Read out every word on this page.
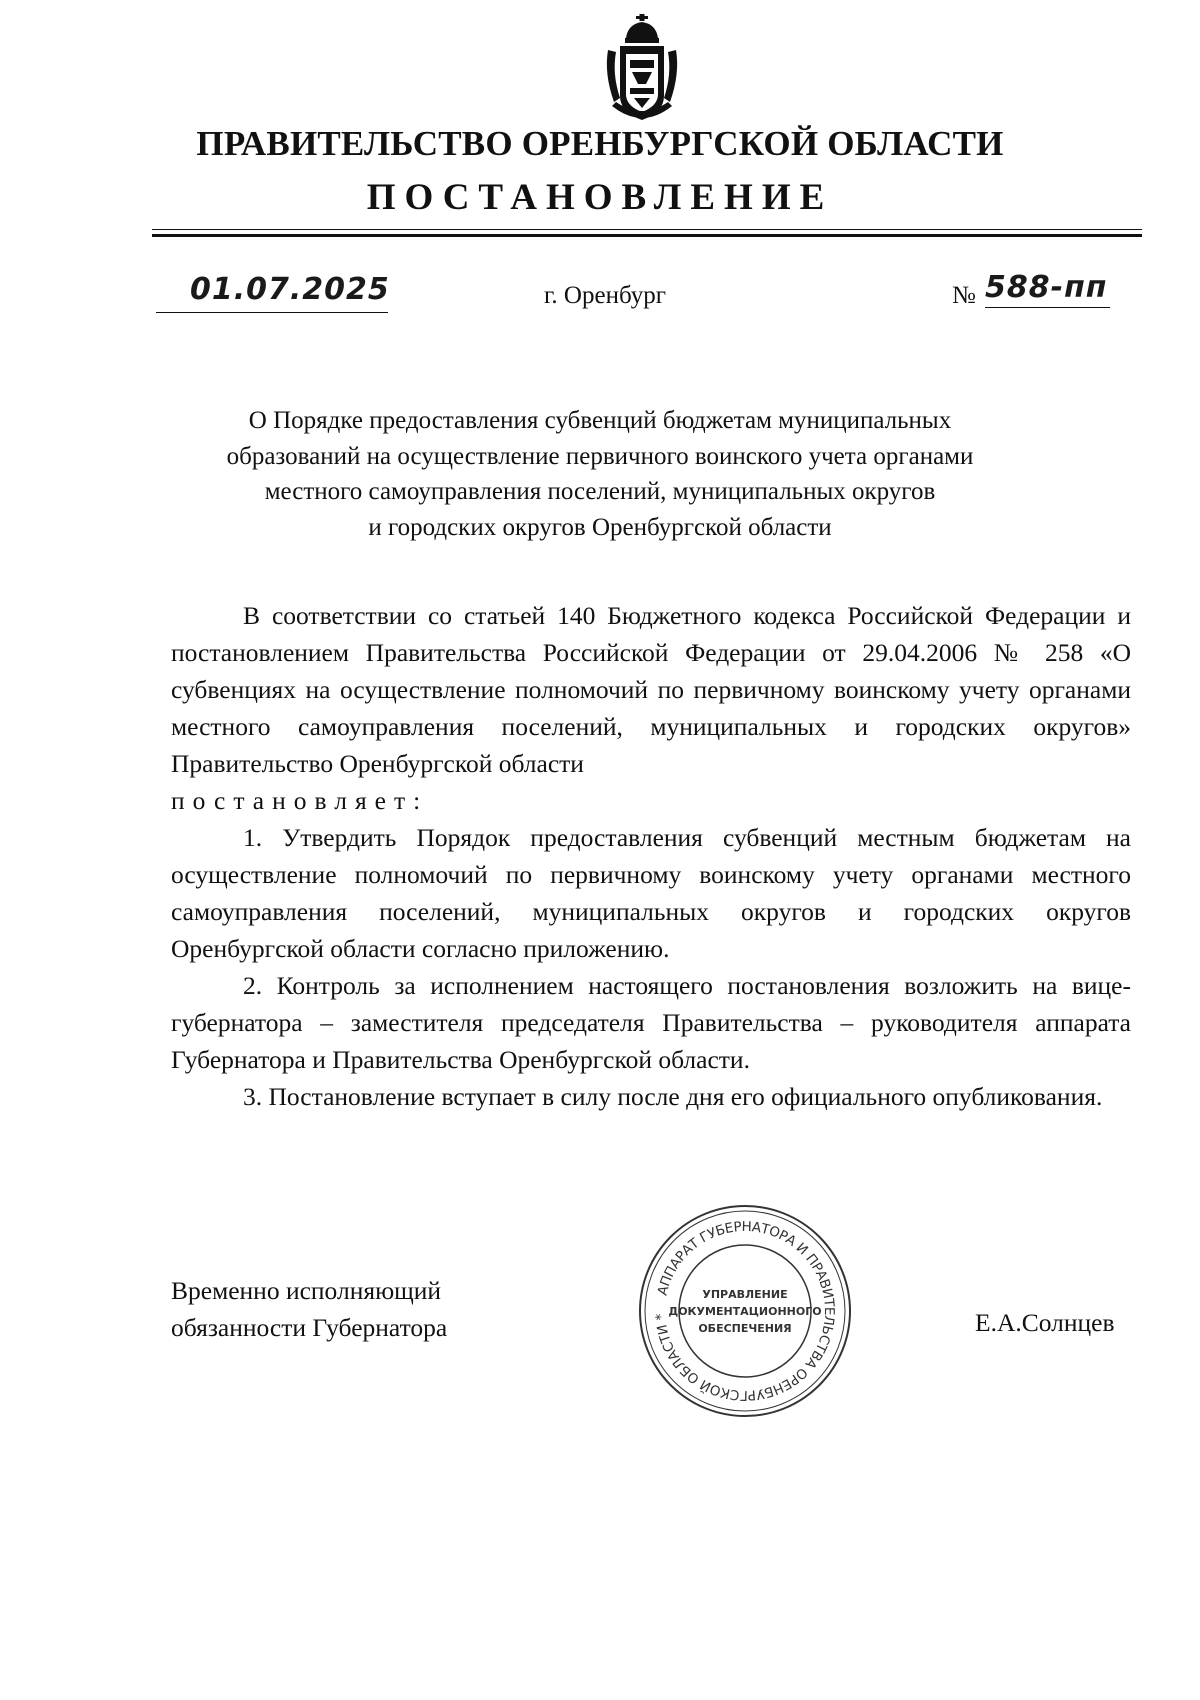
ПРАВИТЕЛЬСТВО ОРЕНБУРГСКОЙ ОБЛАСТИ
ПОСТАНОВЛЕНИЕ
01.07.2025	г. Оренбург	№ 588-пп
О Порядке предоставления субвенций бюджетам муниципальных
образований на осуществление первичного воинского учета органами
местного самоуправления поселений, муниципальных округов
и городских округов Оренбургской области

В соответствии со статьей 140 Бюджетного кодекса Российской Федерации и постановлением Правительства Российской Федерации от 29.04.2006 № 258 «О субвенциях на осуществление полномочий по первичному воинскому учету органами местного самоуправления поселений, муниципальных и городских округов» Правительство Оренбургской области

постановляет:

1. Утвердить Порядок предоставления субвенций местным бюджетам на осуществление полномочий по первичному воинскому учету органами местного самоуправления поселений, муниципальных округов и городских округов Оренбургской области согласно приложению.

2. Контроль за исполнением настоящего постановления возложить на вице-губернатора – заместителя председателя Правительства – руководителя аппарата Губернатора и Правительства Оренбургской области.

3. Постановление вступает в силу после дня его официального опубликования.

Временно исполняющий
обязанности Губернатора	Е.А.Солнцев
АППАРАТ ГУБЕРНАТОРА И ПРАВИТЕЛЬСТВА ОРЕНБУРГСКОЙ ОБЛАСТИ *
УПРАВЛЕНИЕ
ДОКУМЕНТАЦИОННОГО
ОБЕСПЕЧЕНИЯ
